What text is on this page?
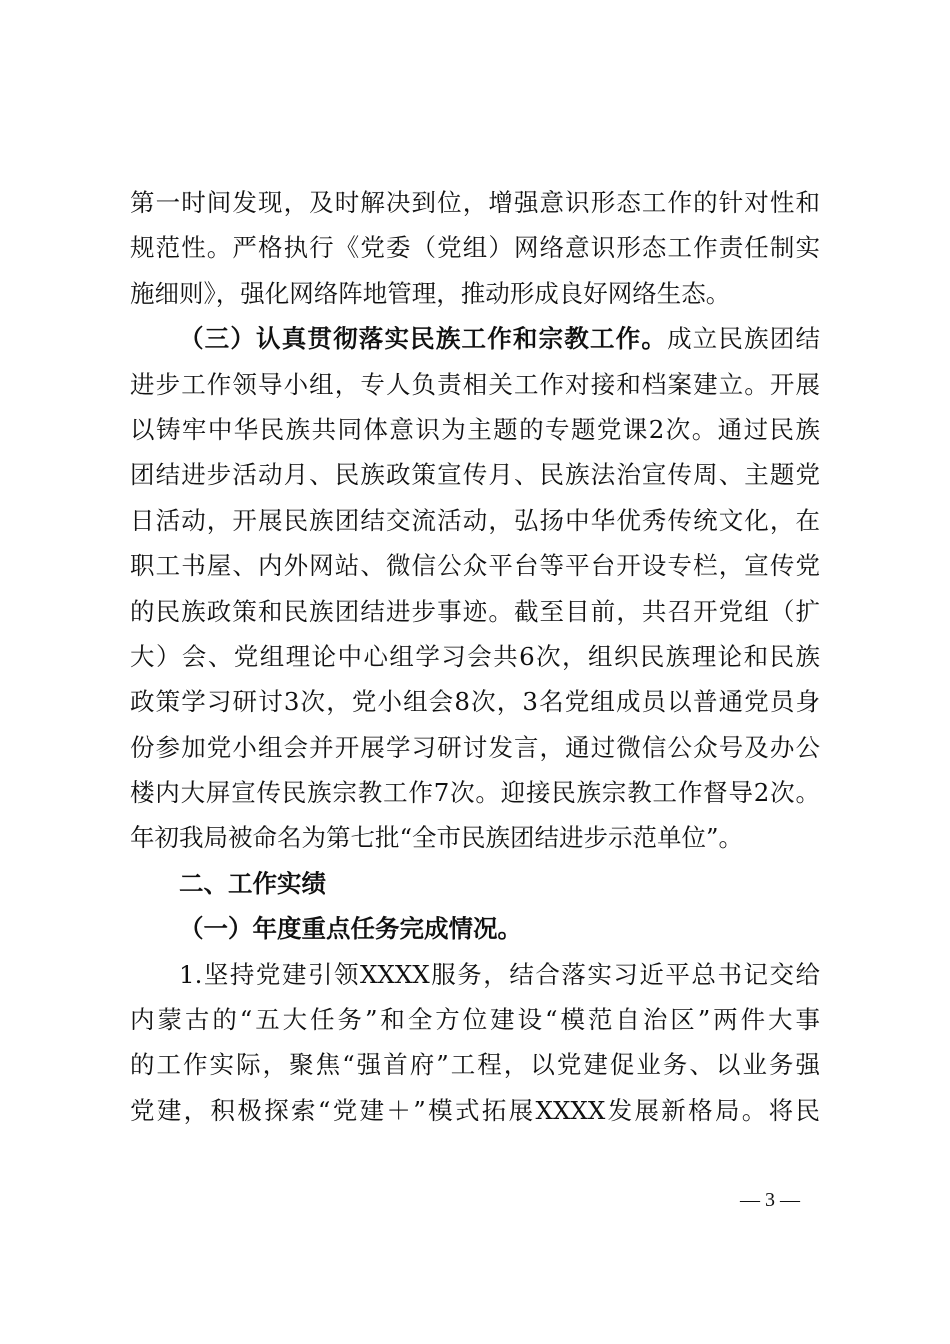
第一时间发现，及时解决到位，增强意识形态工作的针对性和
规范性。严格执行《党委（党组）网络意识形态工作责任制实
施细则》，强化网络阵地管理，推动形成良好网络生态。
（三）认真贯彻落实民族工作和宗教工作。成立民族团结
进步工作领导小组，专人负责相关工作对接和档案建立。开展
以铸牢中华民族共同体意识为主题的专题党课2次。通过民族
团结进步活动月、民族政策宣传月、民族法治宣传周、主题党
日活动，开展民族团结交流活动，弘扬中华优秀传统文化，在
职工书屋、内外网站、微信公众平台等平台开设专栏，宣传党
的民族政策和民族团结进步事迹。截至目前，共召开党组（扩
大）会、党组理论中心组学习会共6次，组织民族理论和民族
政策学习研讨3次，党小组会8次，3名党组成员以普通党员身
份参加党小组会并开展学习研讨发言，通过微信公众号及办公
楼内大屏宣传民族宗教工作7次。迎接民族宗教工作督导2次。
年初我局被命名为第七批“全市民族团结进步示范单位”。
二、工作实绩
（一）年度重点任务完成情况。
1.坚持党建引领XXXX服务，结合落实习近平总书记交给
内蒙古的“五大任务”和全方位建设“模范自治区”两件大事
的工作实际，聚焦“强首府”工程，以党建促业务、以业务强
党建，积极探索“党建＋”模式拓展XXXX发展新格局。将民
— 3 —
